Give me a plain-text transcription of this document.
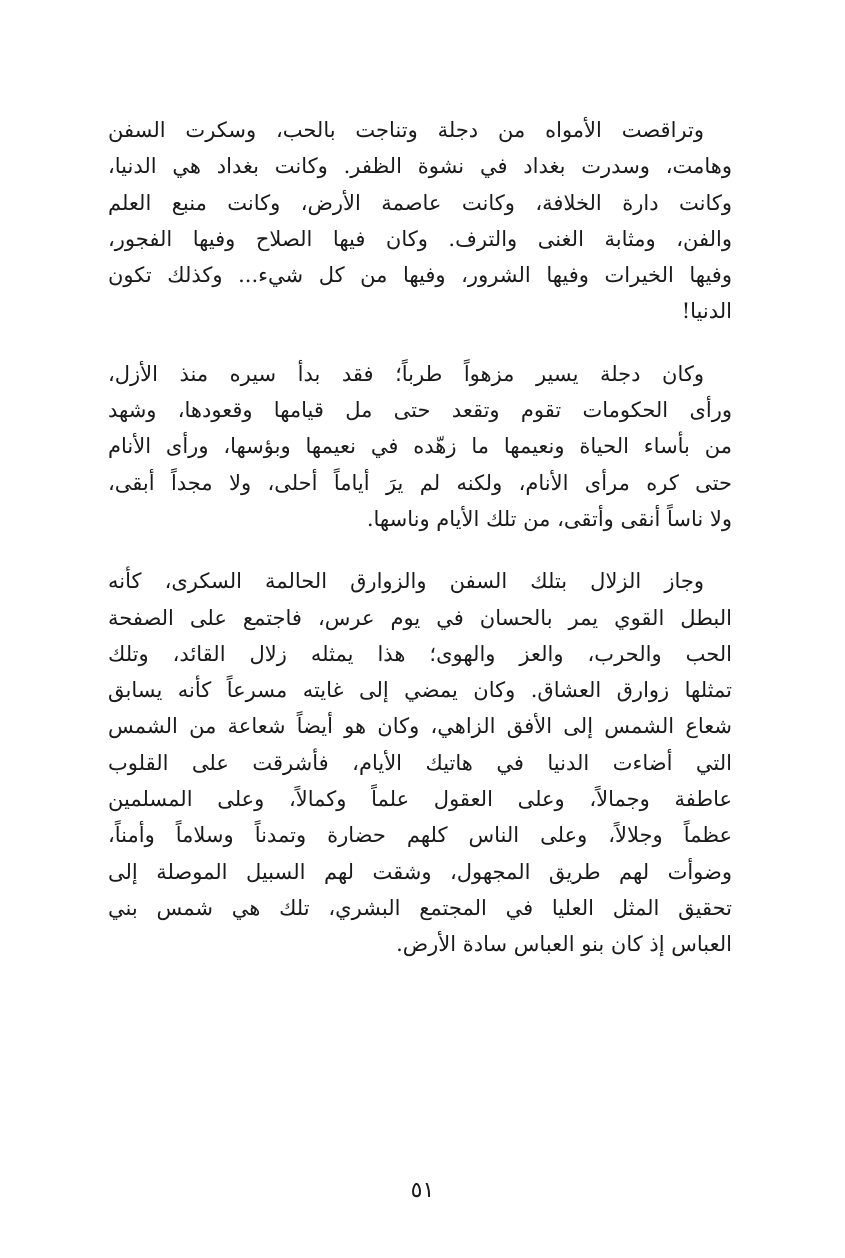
وتراقصت الأمواه من دجلة وتناجت بالحب، وسكرت السفن
وهامت، وسدرت بغداد في نشوة الظفر. وكانت بغداد هي الدنيا،
وكانت دارة الخلافة، وكانت عاصمة الأرض، وكانت منبع العلم
والفن، ومثابة الغنى والترف. وكان فيها الصلاح وفيها الفجور،
وفيها الخيرات وفيها الشرور، وفيها من كل شيء... وكذلك تكون
الدنيا!
وكان دجلة يسير مزهواً طرباً؛ فقد بدأ سيره منذ الأزل،
ورأى الحكومات تقوم وتقعد حتى مل قيامها وقعودها، وشهد
من بأساء الحياة ونعيمها ما زهّده في نعيمها وبؤسها، ورأى الأنام
حتى كره مرأى الأنام، ولكنه لم يرَ أياماً أحلى، ولا مجداً أبقى،
ولا ناساً أنقى وأتقى، من تلك الأيام وناسها.
وجاز الزلال بتلك السفن والزوارق الحالمة السكرى، كأنه
البطل القوي يمر بالحسان في يوم عرس، فاجتمع على الصفحة
الحب والحرب، والعز والهوى؛ هذا يمثله زلال القائد، وتلك
تمثلها زوارق العشاق. وكان يمضي إلى غايته مسرعاً كأنه يسابق
شعاع الشمس إلى الأفق الزاهي، وكان هو أيضاً شعاعة من الشمس
التي أضاءت الدنيا في هاتيك الأيام، فأشرقت على القلوب
عاطفة وجمالاً، وعلى العقول علماً وكمالاً، وعلى المسلمين
عظماً وجلالاً، وعلى الناس كلهم حضارة وتمدناً وسلاماً وأمناً،
وضوأت لهم طريق المجهول، وشقت لهم السبيل الموصلة إلى
تحقيق المثل العليا في المجتمع البشري، تلك هي شمس بني
العباس إذ كان بنو العباس سادة الأرض.
٥١
